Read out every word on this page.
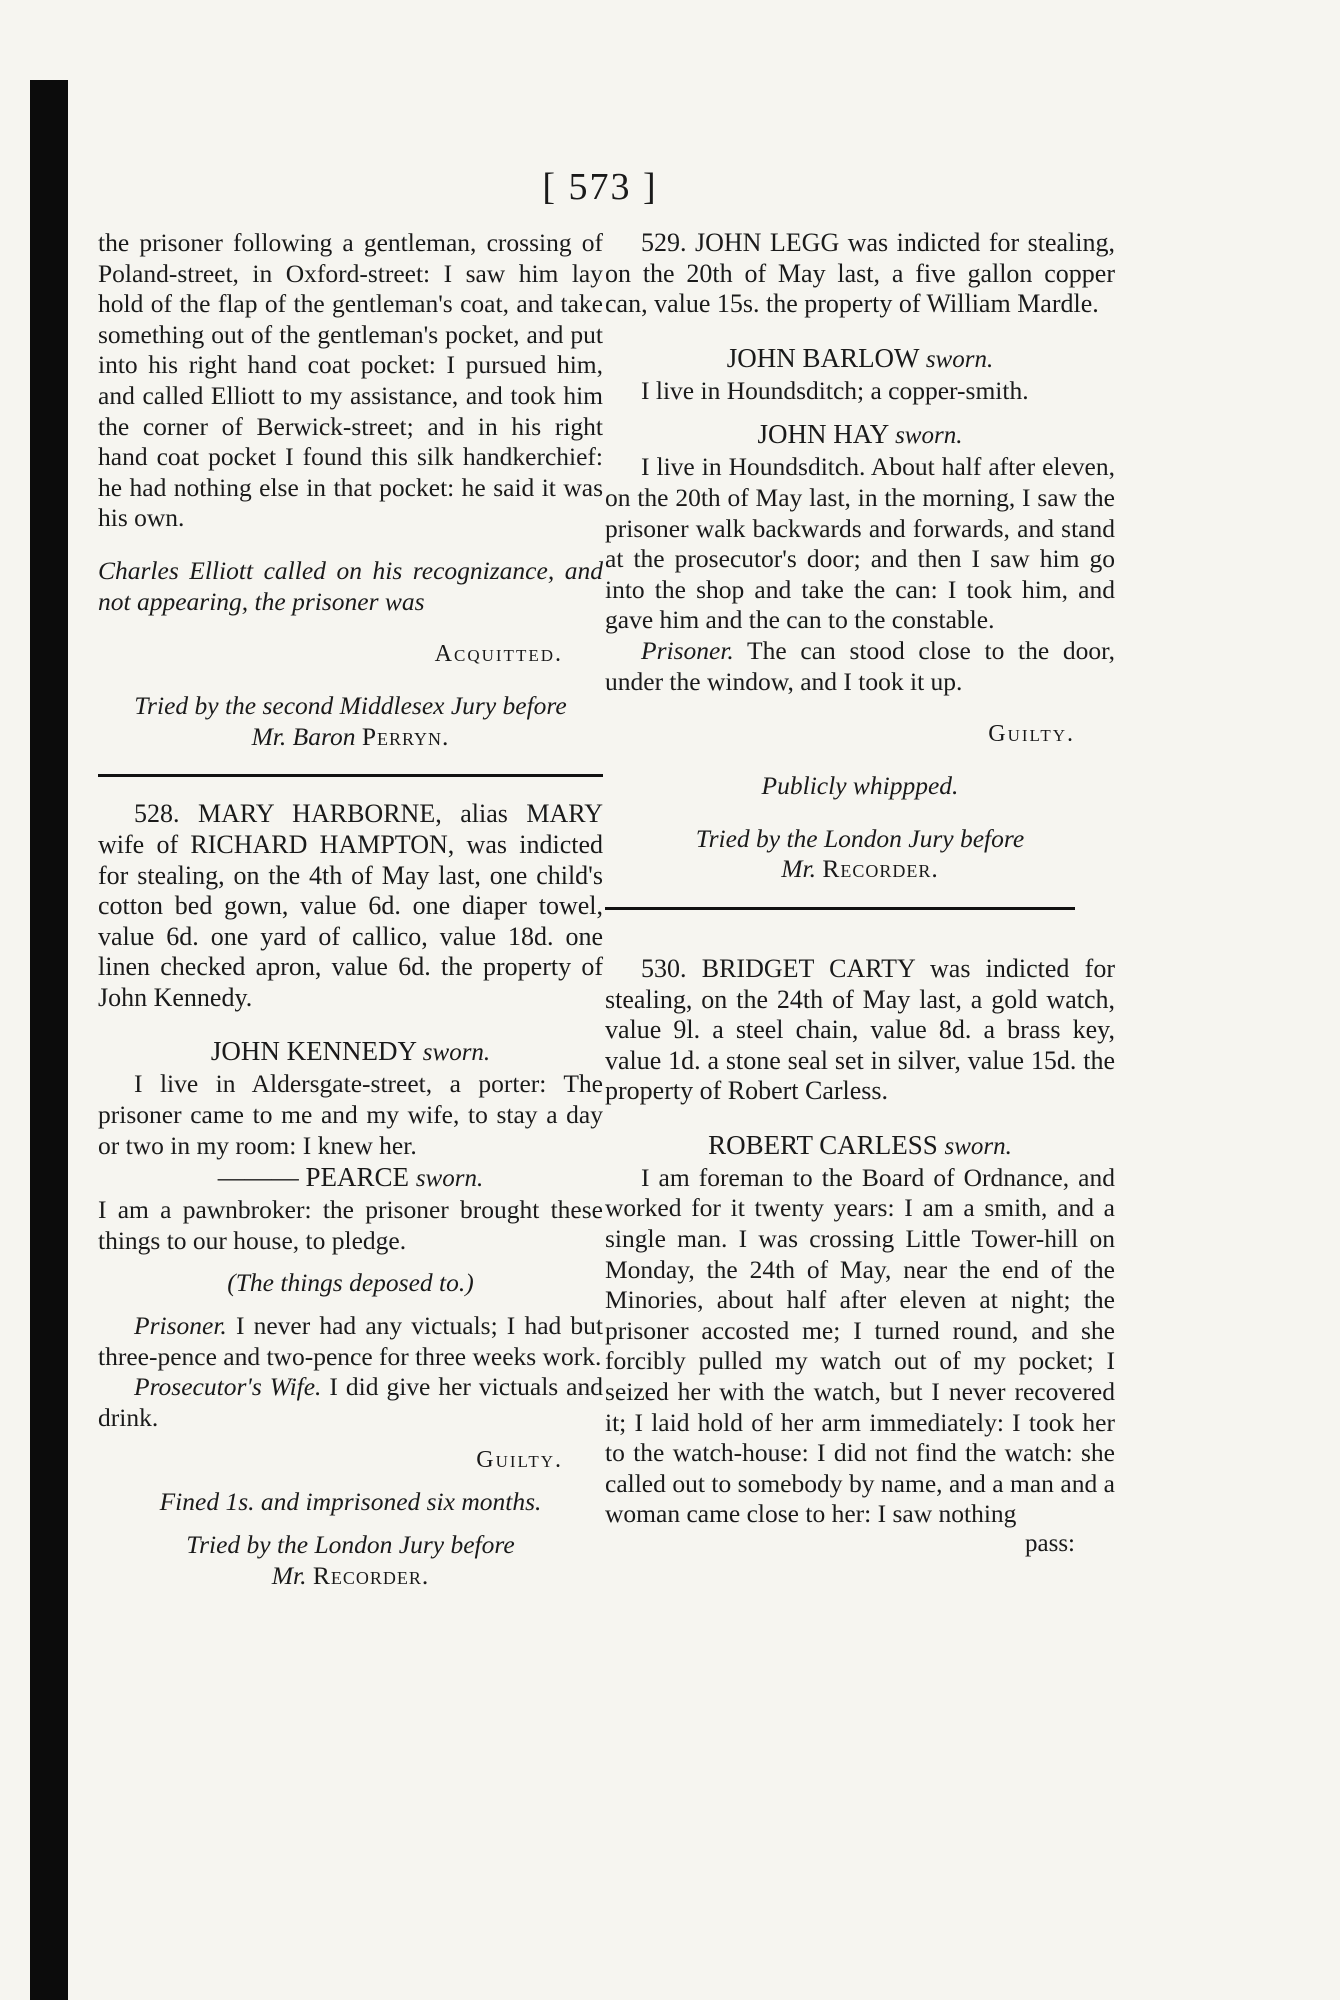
[ 573 ]

the prisoner following a gentleman, crossing of Poland-street, in Oxford-street: I saw him lay hold of the flap of the gentleman's coat, and take something out of the gentleman's pocket, and put into his right hand coat pocket: I pursued him, and called Elliott to my assistance, and took him the corner of Berwick-street; and in his right hand coat pocket I found this silk handkerchief: he had nothing else in that pocket: he said it was his own.

Charles Elliott called on his recognizance, and not appearing, the prisoner was

Acquitted.

Tried by the second Middlesex Jury before

Mr. Baron Perryn.

528. MARY HARBORNE, alias MARY wife of RICHARD HAMPTON, was indicted for stealing, on the 4th of May last, one child's cotton bed gown, value 6d. one diaper towel, value 6d. one yard of callico, value 18d. one linen checked apron, value 6d. the property of John Kennedy.

JOHN KENNEDY sworn.

I live in Aldersgate-street, a porter: The prisoner came to me and my wife, to stay a day or two in my room: I knew her.

——— PEARCE sworn.

I am a pawnbroker: the prisoner brought these things to our house, to pledge.

(The things deposed to.)

Prisoner. I never had any victuals; I had but three-pence and two-pence for three weeks work.

Prosecutor's Wife. I did give her victuals and drink.

Guilty.

Fined 1s. and imprisoned six months.

Tried by the London Jury before

Mr. Recorder.

529. JOHN LEGG was indicted for stealing, on the 20th of May last, a five gallon copper can, value 15s. the property of William Mardle.

JOHN BARLOW sworn.

I live in Houndsditch; a copper-smith.

JOHN HAY sworn.

I live in Houndsditch. About half after eleven, on the 20th of May last, in the morning, I saw the prisoner walk backwards and forwards, and stand at the prosecutor's door; and then I saw him go into the shop and take the can: I took him, and gave him and the can to the constable.

Prisoner. The can stood close to the door, under the window, and I took it up.

Guilty.

Publicly whippped.

Tried by the London Jury before

Mr. Recorder.

530. BRIDGET CARTY was indicted for stealing, on the 24th of May last, a gold watch, value 9l. a steel chain, value 8d. a brass key, value 1d. a stone seal set in silver, value 15d. the property of Robert Carless.

ROBERT CARLESS sworn.

I am foreman to the Board of Ordnance, and worked for it twenty years: I am a smith, and a single man. I was crossing Little Tower-hill on Monday, the 24th of May, near the end of the Minories, about half after eleven at night; the prisoner accosted me; I turned round, and she forcibly pulled my watch out of my pocket; I seized her with the watch, but I never recovered it; I laid hold of her arm immediately: I took her to the watch-house: I did not find the watch: she called out to somebody by name, and a man and a woman came close to her: I saw nothing

pass:
